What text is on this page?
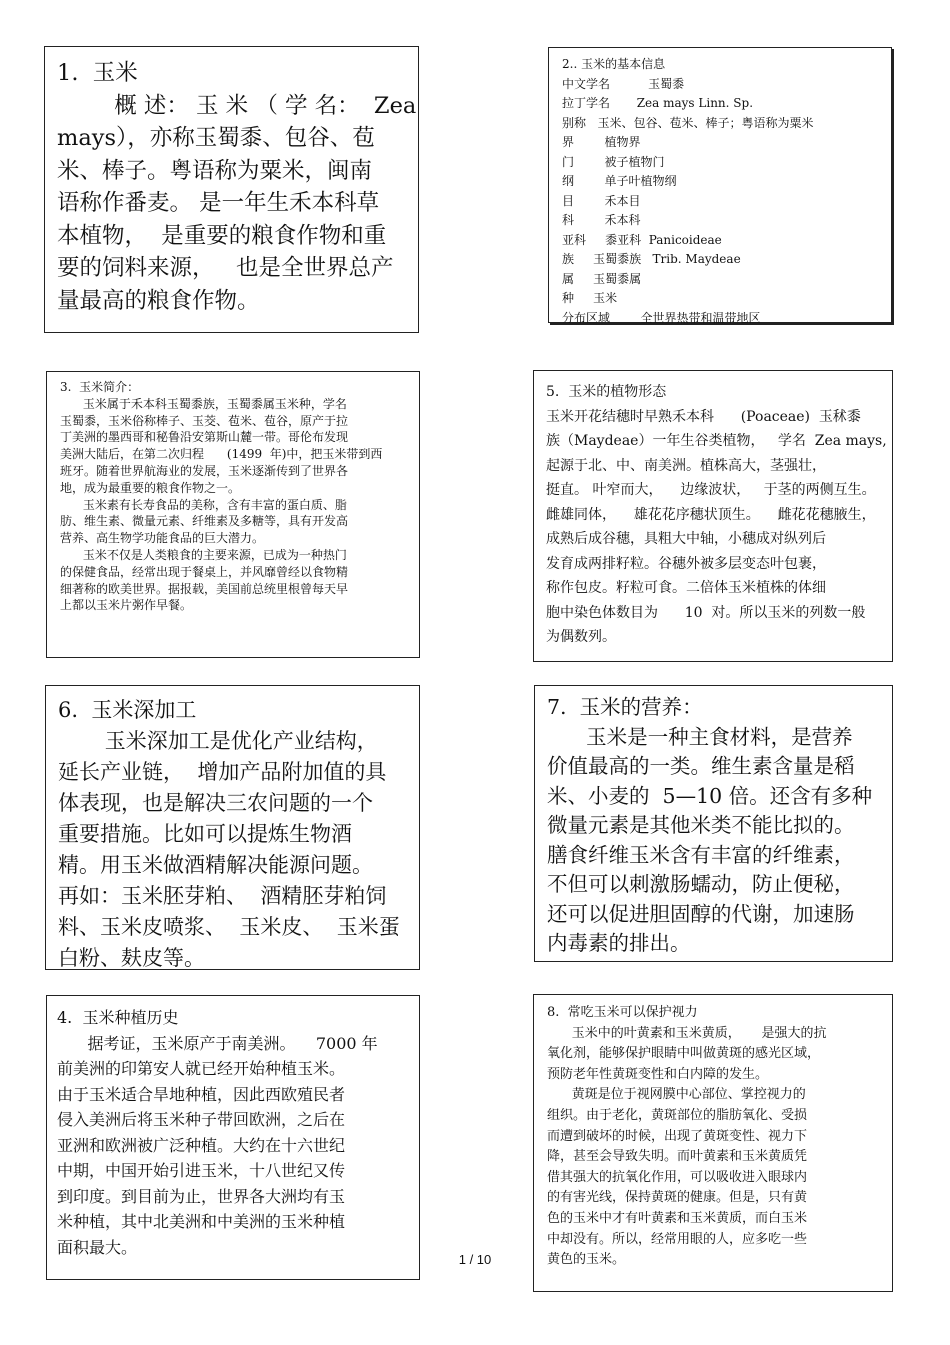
1.  玉米

概 述： 玉 米 （ 学 名：  Zea

mays），亦称玉蜀黍、包谷、苞

米、棒子。粤语称为粟米，闽南

语称作番麦。 是一年生禾本科草

本植物，  是重要的粮食作物和重

要的饲料来源，   也是全世界总产

量最高的粮食作物。

2.. 玉米的基本信息

中文学名          玉蜀黍

拉丁学名       Zea mays Linn. Sp.

别称   玉米、包谷、苞米、棒子；粤语称为粟米

界        植物界

门        被子植物门

纲        单子叶植物纲

目        禾本目

科        禾本科

亚科     黍亚科  Panicoideae

族     玉蜀黍族   Trib. Maydeae

属     玉蜀黍属

种     玉米

分布区域        全世界热带和温带地区

3.  玉米简介：

玉米属于禾本科玉蜀黍族，玉蜀黍属玉米种，学名

玉蜀黍，玉米俗称棒子、玉茭、苞米、苞谷，原产于拉

丁美洲的墨西哥和秘鲁沿安第斯山麓一带。哥伦布发现

美洲大陆后，在第二次归程      (1499  年)中，把玉米带到西

班牙。随着世界航海业的发展，玉米逐渐传到了世界各

地，成为最重要的粮食作物之一。

玉米素有长寿食品的美称，含有丰富的蛋白质、脂

肪、维生素、微量元素、纤维素及多糖等，具有开发高

营养、高生物学功能食品的巨大潜力。

玉米不仅是人类粮食的主要来源，已成为一种热门

的保健食品，经常出现于餐桌上，并风靡曾经以食物精

细著称的欧美世界。据报载，美国前总统里根曾每天早

上都以玉米片粥作早餐。

5.  玉米的植物形态

玉米开花结穗时早熟禾本科      (Poaceae)  玉秫黍

族（Maydeae）一年生谷类植物，   学名  Zea mays,

起源于北、中、南美洲。植株高大，茎强壮，

挺直。 叶窄而大，    边缘波状，   于茎的两侧互生。

雌雄同体，    雄花花序穗状顶生。    雌花花穗腋生，

成熟后成谷穗，具粗大中轴，小穗成对纵列后

发育成两排籽粒。谷穗外被多层变态叶包裹，

称作包皮。籽粒可食。二倍体玉米植株的体细

胞中染色体数目为      10  对。所以玉米的列数一般

为偶数列。

6.  玉米深加工

玉米深加工是优化产业结构，

延长产业链，  增加产品附加值的具

体表现，也是解决三农问题的一个

重要措施。比如可以提炼生物酒

精。用玉米做酒精解决能源问题。

再如：玉米胚芽粕、  酒精胚芽粕饲

料、玉米皮喷浆、  玉米皮、  玉米蛋

白粉、麸皮等。

7.  玉米的营养：

玉米是一种主食材料，是营养

价值最高的一类。维生素含量是稻

米、小麦的  5—10 倍。还含有多种

微量元素是其他米类不能比拟的。

膳食纤维玉米含有丰富的纤维素，

不但可以刺激肠蠕动，防止便秘，

还可以促进胆固醇的代谢，加速肠

内毒素的排出。

4.  玉米种植历史

据考证，玉米原产于南美洲。    7000 年

前美洲的印第安人就已经开始种植玉米。

由于玉米适合旱地种植，因此西欧殖民者

侵入美洲后将玉米种子带回欧洲，之后在

亚洲和欧洲被广泛种植。大约在十六世纪

中期，中国开始引进玉米，十八世纪又传

到印度。到目前为止，世界各大洲均有玉

米种植，其中北美洲和中美洲的玉米种植

面积最大。

8.  常吃玉米可以保护视力

玉米中的叶黄素和玉米黄质，     是强大的抗

氧化剂，能够保护眼睛中叫做黄斑的感光区域，

预防老年性黄斑变性和白内障的发生。

黄斑是位于视网膜中心部位、掌控视力的

组织。由于老化，黄斑部位的脂肪氧化、受损

而遭到破坏的时候，出现了黄斑变性、视力下

降，甚至会导致失明。而叶黄素和玉米黄质凭

借其强大的抗氧化作用，可以吸收进入眼球内

的有害光线，保持黄斑的健康。但是，只有黄

色的玉米中才有叶黄素和玉米黄质，而白玉米

中却没有。所以，经常用眼的人，应多吃一些

黄色的玉米。

1 / 10
